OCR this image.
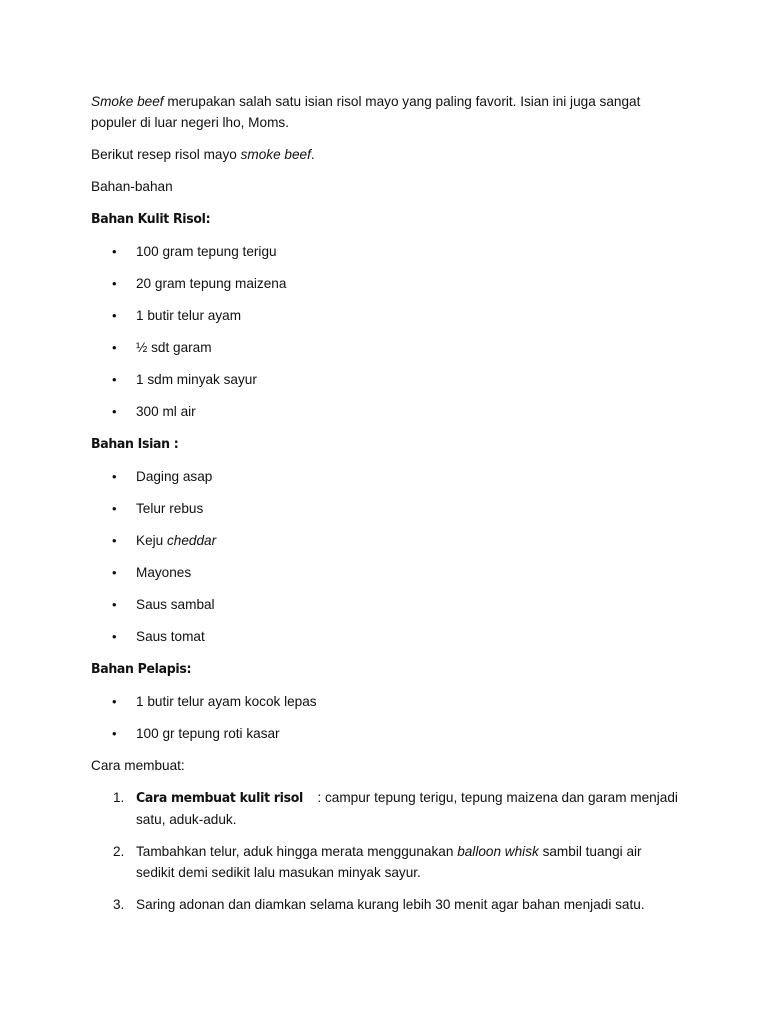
Smoke beef merupakan salah satu isian risol mayo yang paling favorit. Isian ini juga sangat populer di luar negeri lho, Moms.

Berikut resep risol mayo smoke beef.

Bahan-bahan

Bahan Kulit Risol:
• 100 gram tepung terigu
• 20 gram tepung maizena
• 1 butir telur ayam
• ½ sdt garam
• 1 sdm minyak sayur
• 300 ml air
Bahan Isian :
• Daging asap
• Telur rebus
• Keju cheddar
• Mayones
• Saus sambal
• Saus tomat
Bahan Pelapis:
• 1 butir telur ayam kocok lepas
• 100 gr tepung roti kasar

Cara membuat:

1. Cara membuat kulit risol : campur tepung terigu, tepung maizena dan garam menjadi satu, aduk-aduk.
2. Tambahkan telur, aduk hingga merata menggunakan balloon whisk sambil tuangi air sedikit demi sedikit lalu masukan minyak sayur.
3. Saring adonan dan diamkan selama kurang lebih 30 menit agar bahan menjadi satu.
